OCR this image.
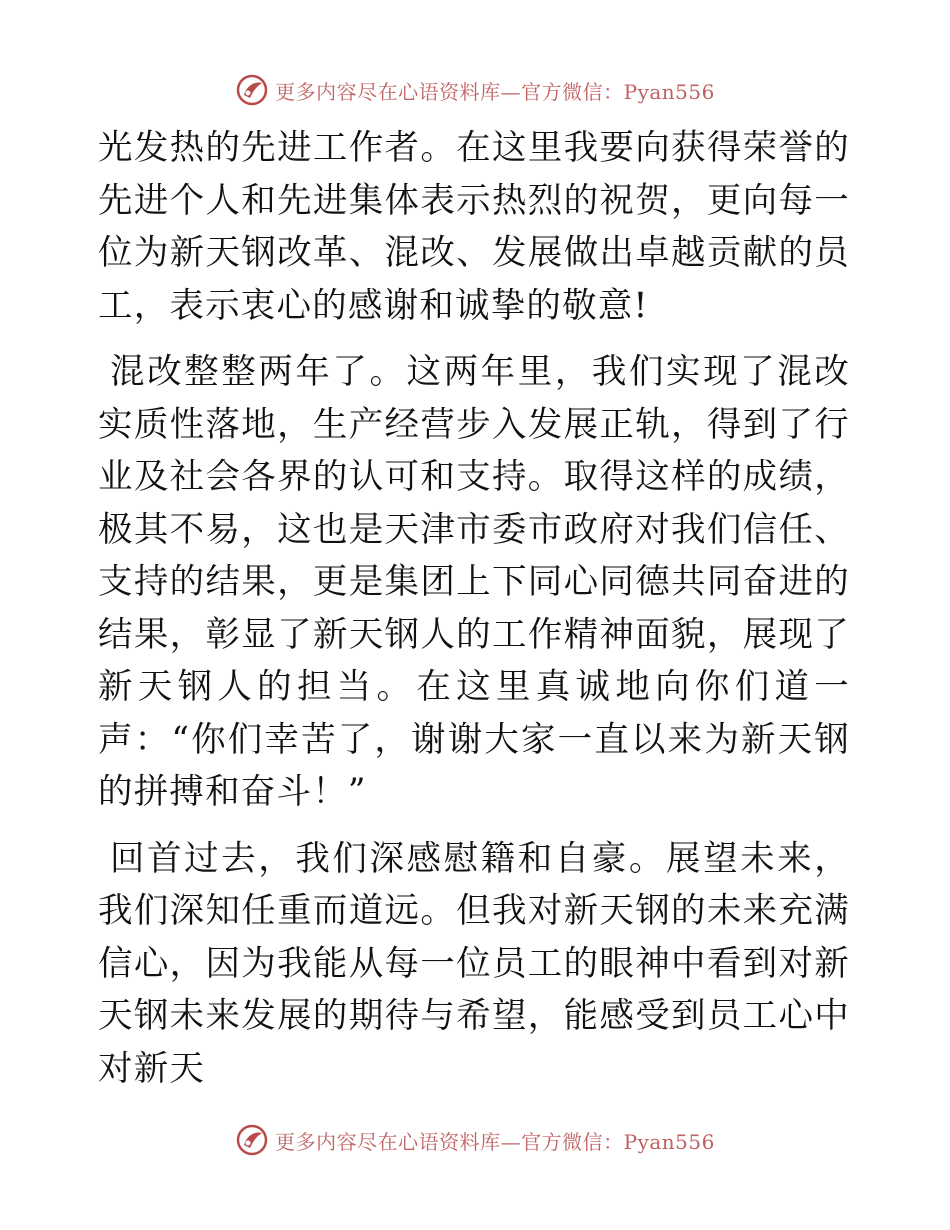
更多内容尽在心语资料库—官方微信：Pyan556

光发热的先进工作者。在这里我要向获得荣誉的先进个人和先进集体表示热烈的祝贺，更向每一位为新天钢改革、混改、发展做出卓越贡献的员工，表示衷心的感谢和诚挚的敬意!

混改整整两年了。这两年里，我们实现了混改实质性落地，生产经营步入发展正轨，得到了行业及社会各界的认可和支持。取得这样的成绩，极其不易，这也是天津市委市政府对我们信任、支持的结果，更是集团上下同心同德共同奋进的结果，彰显了新天钢人的工作精神面貌，展现了新天钢人的担当。在这里真诚地向你们道一声：“你们幸苦了，谢谢大家一直以来为新天钢的拼搏和奋斗！”

回首过去，我们深感慰籍和自豪。展望未来，我们深知任重而道远。但我对新天钢的未来充满信心，因为我能从每一位员工的眼神中看到对新天钢未来发展的期待与希望，能感受到员工心中对新天

更多内容尽在心语资料库—官方微信：Pyan556
